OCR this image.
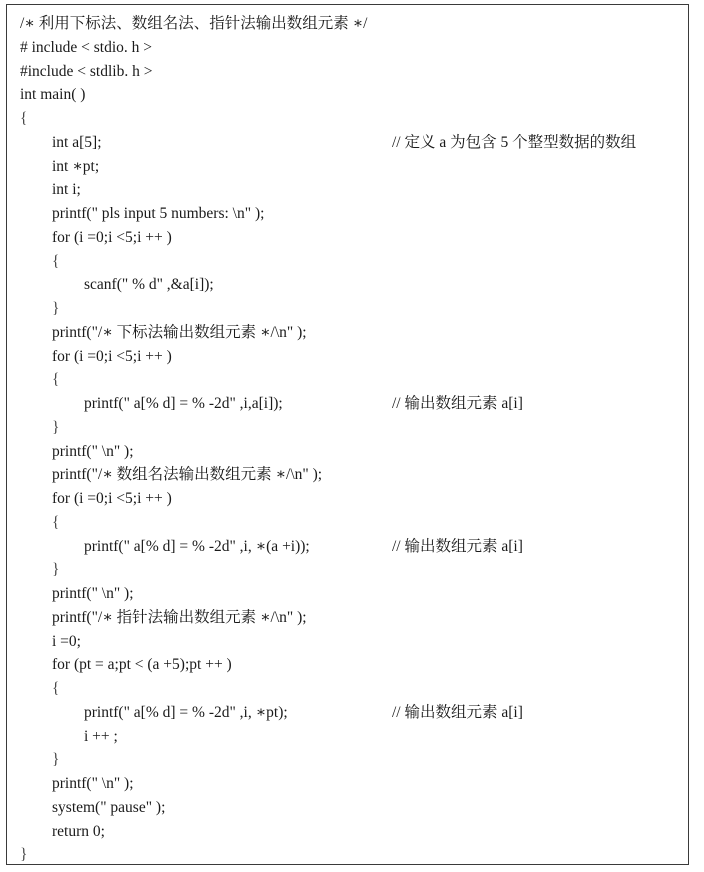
/∗ 利用下标法、数组名法、指针法输出数组元素 ∗/
# include < stdio. h >
#include < stdlib. h >
int main( )
{
int a[5];	// 定义 a 为包含 5 个整型数据的数组
int ∗pt;
int i;
printf(" pls input 5 numbers: \n" );
for (i =0;i <5;i ++ )
{
scanf(" % d" ,&a[i]);
}
printf("/∗ 下标法输出数组元素 ∗/\n" );
for (i =0;i <5;i ++ )
{
printf(" a[% d] = % -2d" ,i,a[i]);	// 输出数组元素 a[i]
}
printf(" \n" );
printf("/∗ 数组名法输出数组元素 ∗/\n" );
for (i =0;i <5;i ++ )
{
printf(" a[% d] = % -2d" ,i, ∗(a +i));	// 输出数组元素 a[i]
}
printf(" \n" );
printf("/∗ 指针法输出数组元素 ∗/\n" );
i =0;
for (pt = a;pt < (a +5);pt ++ )
{
printf(" a[% d] = % -2d" ,i, ∗pt);	// 输出数组元素 a[i]
i ++ ;
}
printf(" \n" );
system(" pause" );
return 0;
}
